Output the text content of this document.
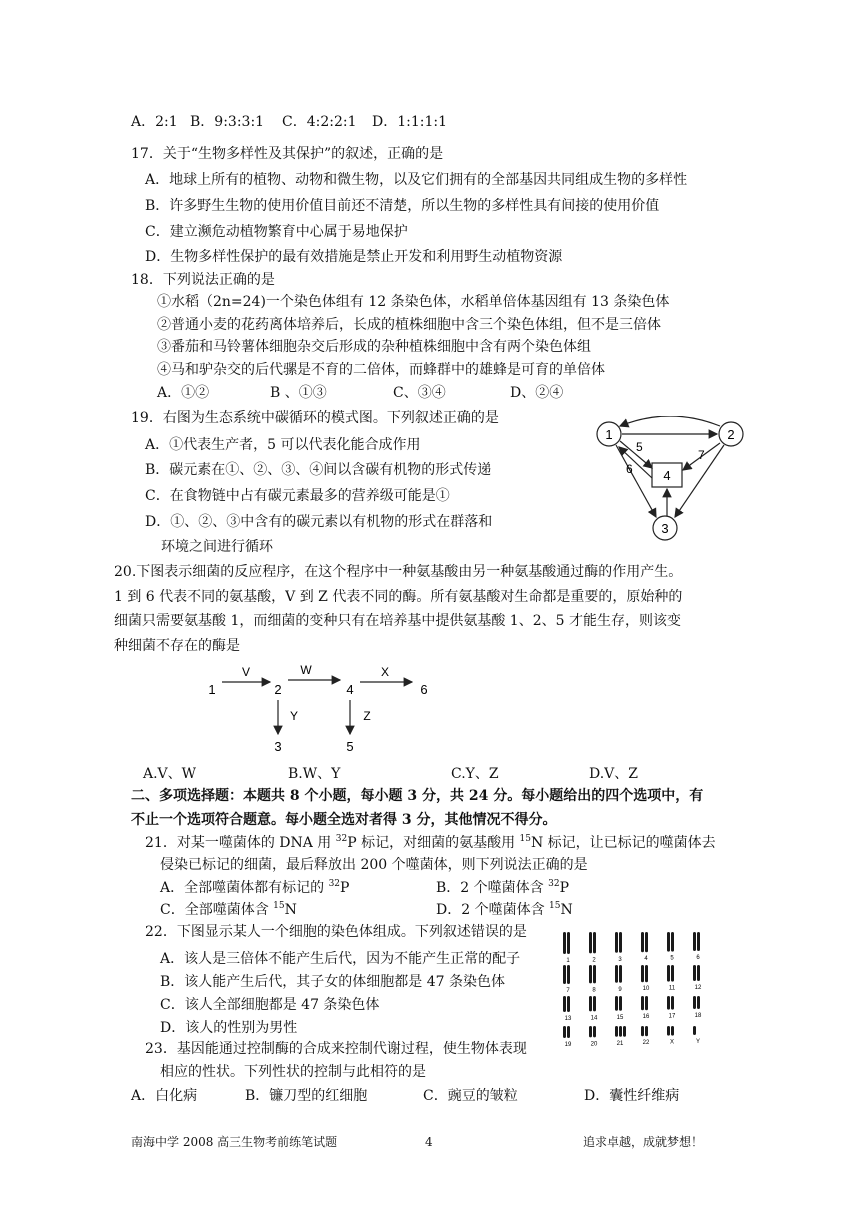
A．2:1 B．9:3:3:1 C．4:2:2:1 D．1:1:1:1
17．关于“生物多样性及其保护”的叙述，正确的是
A．地球上所有的植物、动物和微生物，以及它们拥有的全部基因共同组成生物的多样性
B．许多野生生物的使用价值目前还不清楚，所以生物的多样性具有间接的使用价值
C．建立濒危动植物繁育中心属于易地保护
D．生物多样性保护的最有效措施是禁止开发和利用野生动植物资源
18．下列说法正确的是
①水稻（2n=24)一个染色体组有 12 条染色体，水稻单倍体基因组有 13 条染色体
②普通小麦的花药离体培养后，长成的植株细胞中含三个染色体组，但不是三倍体
③番茄和马铃薯体细胞杂交后形成的杂种植株细胞中含有两个染色体组
④马和驴杂交的后代骡是不育的二倍体，而蜂群中的雄蜂是可育的单倍体
A．①②	B 、①③	C、③④	D、②④
19．右图为生态系统中碳循环的模式图。下列叙述正确的是
A．①代表生产者，5 可以代表化能合成作用
B．碳元素在①、②、③、④间以含碳有机物的形式传递
C．在食物链中占有碳元素最多的营养级可能是①
D．①、②、③中含有的碳元素以有机物的形式在群落和
环境之间进行循环
1	2
3
4
5
6
7
20.下图表示细菌的反应程序，在这个程序中一种氨基酸由另一种氨基酸通过酶的作用产生。
1 到 6 代表不同的氨基酸，V 到 Z 代表不同的酶。所有氨基酸对生命都是重要的，原始种的
细菌只需要氨基酸 1，而细菌的变种只有在培养基中提供氨基酸 1、2、5 才能生存，则该变
种细菌不存在的酶是
1	2	4	6
3	5
V	W	X
Y	Z
A.V、W	B.W、Y	C.Y、Z	D.V、Z
二、多项选择题：本题共 8 个小题，每小题 3 分，共 24 分。每小题给出的四个选项中，有
不止一个选项符合题意。每小题全选对者得 3 分，其他情况不得分。
21．对某一噬菌体的 DNA 用 $^{32}$P 标记，对细菌的氨基酸用 $^{15}$N 标记，让已标记的噬菌体去
侵染已标记的细菌，最后释放出 200 个噬菌体，则下列说法正确的是
A．全部噬菌体都有标记的 $^{32}$P	B．2 个噬菌体含 $^{32}$P
C．全部噬菌体含 $^{15}$N	D．2 个噬菌体含 $^{15}$N
22．下图显示某人一个细胞的染色体组成。下列叙述错误的是
A．该人是三倍体不能产生后代，因为不能产生正常的配子
B．该人能产生后代，其子女的体细胞都是 47 条染色体
C．该人全部细胞都是 47 条染色体
D．该人的性别为男性
1	2	3	4	5	6
7	8	9	10	11	12
13	14	15	16	17	18
19	20	21	22	X	Y
23．基因能通过控制酶的合成来控制代谢过程，使生物体表现
相应的性状。下列性状的控制与此相符的是
A．白化病	B．镰刀型的红细胞	C．豌豆的皱粒	D．囊性纤维病
南海中学 2008 高三生物考前练笔试题	4	追求卓越，成就梦想！
